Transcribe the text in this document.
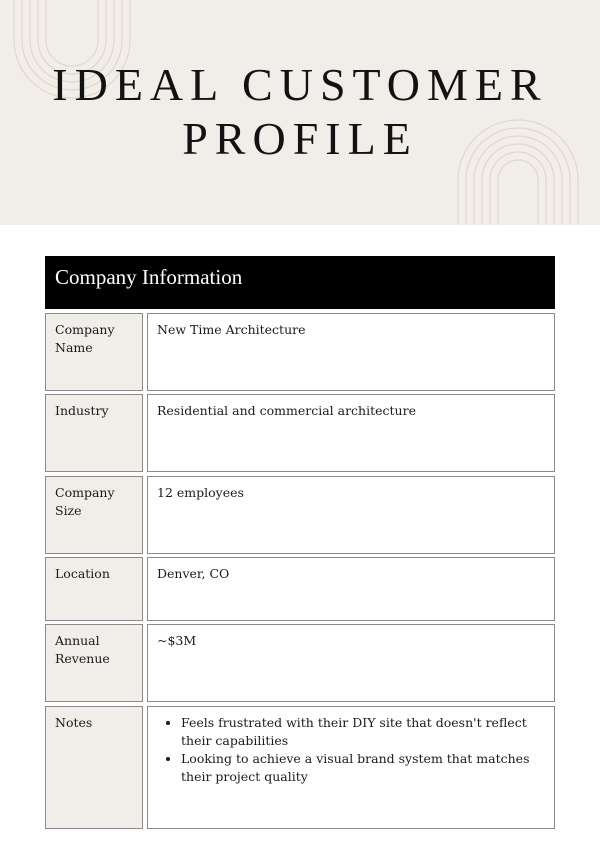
IDEAL CUSTOMER
PROFILE
Company Information
Company Name
New Time Architecture
Industry	Residential and commercial architecture
Company Size
12 employees
Location	Denver, CO
Annual Revenue
~$3M
Notes
•	Feels frustrated with their DIY site that doesn't reflect their capabilities
• Looking to achieve a visual brand system that matches their project quality
